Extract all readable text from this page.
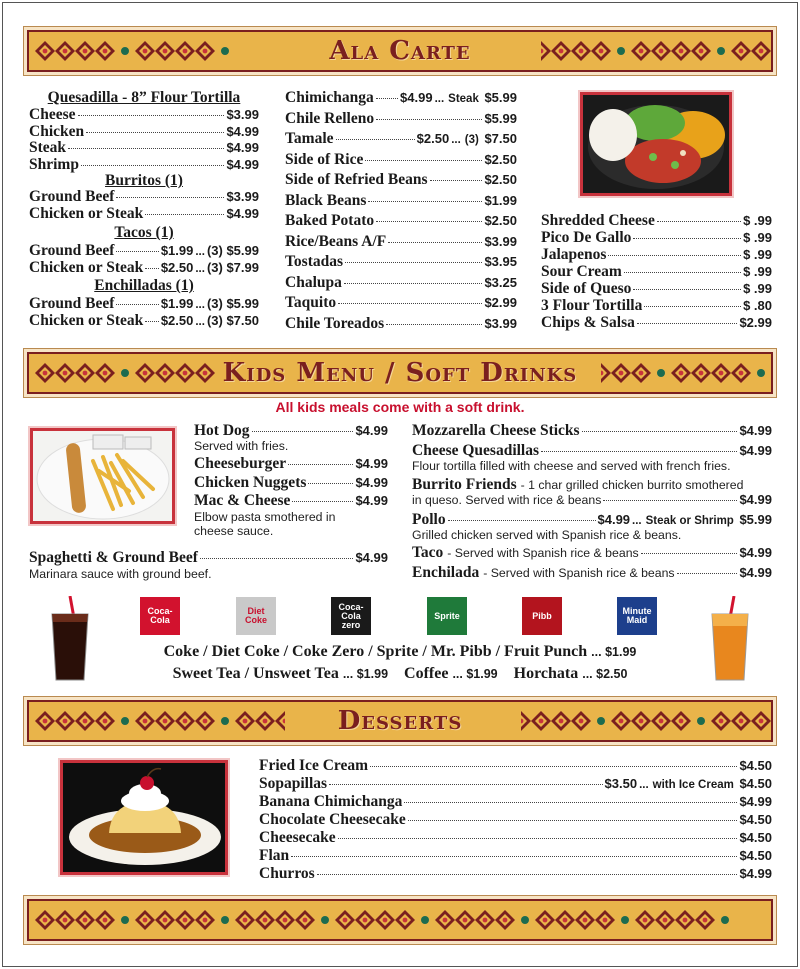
Ala Carte
Quesadilla - 8” Flour Tortilla
Burritos (1)
Tacos (1)
Enchilladas (1)
Kids Menu / Soft Drinks
All kids meals come with a soft drink.
Coca-Cola
Diet Coke
Coca-Cola zero
Sprite	Pibb	Minute Maid
Coke / Diet Coke / Coke Zero / Sprite / Mr. Pibb / Fruit Punch ... $1.99
Sweet Tea / Unsweet Tea ... $1.99 Coffee ... $1.99 Horchata ... $2.50
Desserts
Cheese	$3.99
Chicken	$4.99
Steak	$4.99
Shrimp	$4.99
Ground Beef	$3.99
Chicken or Steak	$4.99
Ground Beef	$1.99 ... (3) $5.99
Chicken or Steak $2.50 ... (3) $7.99
Ground Beef	$1.99 ... (3) $5.99
Chicken or Steak $2.50 ... (3) $7.50
Chimichanga $4.99 ... Steak $5.99
Chile Relleno	$5.99
Tamale	$2.50 ... (3) $7.50
Side of Rice	$2.50
Side of Refried Beans	$2.50
Black Beans	$1.99
Baked Potato	$2.50
Rice/Beans A/F	$3.99
Tostadas	$3.95
Chalupa	$3.25
Taquito	$2.99
Chile Toreados	$3.99
Shredded Cheese	$ .99
Pico De Gallo	$ .99
Jalapenos	$ .99
Sour Cream	$ .99
Side of Queso	$ .99
3 Flour Tortilla	$ .80
Chips & Salsa	$2.99
Hot Dog	$4.99
Served with fries.
Cheeseburger	$4.99
Chicken Nuggets	$4.99
Mac & Cheese	$4.99
Elbow pasta smothered in
cheese sauce.
Spaghetti & Ground Beef	$4.99
Marinara sauce with ground beef.
Mozzarella Cheese Sticks	$4.99
Cheese Quesadillas	$4.99
Flour tortilla filled with cheese and served with french fries.
Burrito Friends - 1 char grilled chicken burrito smothered
in queso. Served with rice & beans	$4.99
Pollo	$4.99 ... Steak or Shrimp $5.99
Grilled chicken served with Spanish rice & beans.
Taco - Served with Spanish rice & beans	$4.99
Enchilada - Served with Spanish rice & beans	$4.99
Fried Ice Cream	$4.50
Sopapillas	$3.50 ... with Ice Cream $4.50
Banana Chimichanga	$4.99
Chocolate Cheesecake	$4.50
Cheesecake	$4.50
Flan	$4.50
Churros	$4.99
